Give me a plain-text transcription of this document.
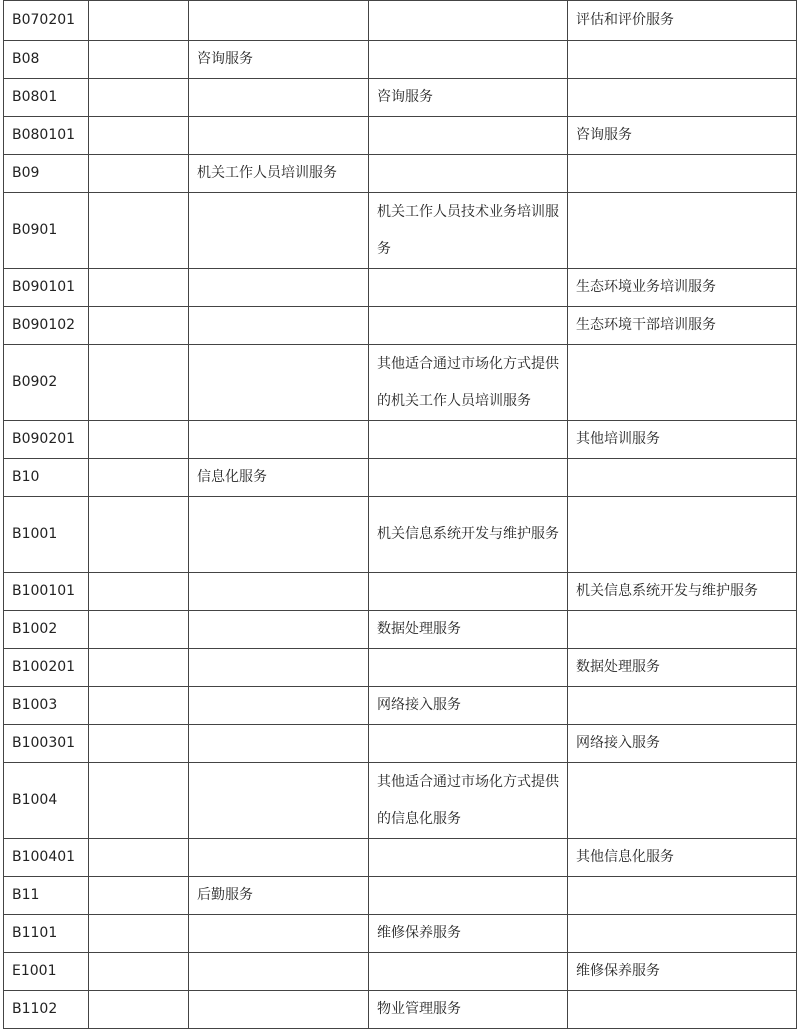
B070201				评估和评价服务
B08		咨询服务		
B0801			咨询服务	
B080101				咨询服务
B09		机关工作人员培训服务		
B0901			机关工作人员技术业务培训服务	
B090101				生态环境业务培训服务
B090102				生态环境干部培训服务
B0902			其他适合通过市场化方式提供的机关工作人员培训服务	
B090201				其他培训服务
B10		信息化服务		
B1001			机关信息系统开发与维护服务	
B100101				机关信息系统开发与维护服务
B1002			数据处理服务	
B100201				数据处理服务
B1003			网络接入服务	
B100301				网络接入服务
B1004			其他适合通过市场化方式提供的信息化服务	
B100401				其他信息化服务
B11		后勤服务		
B1101			维修保养服务	
E1001				维修保养服务
B1102			物业管理服务	
